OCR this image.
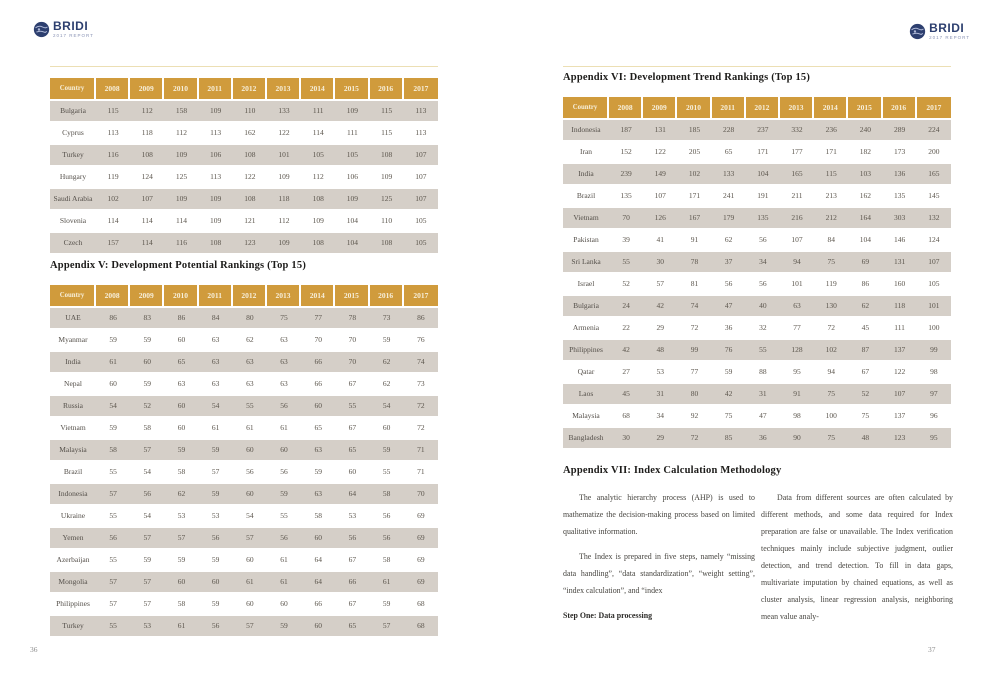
BRIDI
2017 REPORT
Country	2008	2009	2010	2011	2012	2013	2014	2015	2016	2017
Bulgaria	115	112	158	109	110	133	111	109	115	113
Cyprus	113	118	112	113	162	122	114	111	115	113
Turkey	116	108	109	106	108	101	105	105	108	107
Hungary	119	124	125	113	122	109	112	106	109	107
Saudi Arabia	102	107	109	109	108	118	108	109	125	107
Slovenia	114	114	114	109	121	112	109	104	110	105
Czech	157	114	116	108	123	109	108	104	108	105
Appendix V: Development Potential Rankings (Top 15)
Country	2008	2009	2010	2011	2012	2013	2014	2015	2016	2017
UAE	86	83	86	84	80	75	77	78	73	86
Myanmar	59	59	60	63	62	63	70	70	59	76
India	61	60	65	63	63	63	66	70	62	74
Nepal	60	59	63	63	63	63	66	67	62	73
Russia	54	52	60	54	55	56	60	55	54	72
Vietnam	59	58	60	61	61	61	65	67	60	72
Malaysia	58	57	59	59	60	60	63	65	59	71
Brazil	55	54	58	57	56	56	59	60	55	71
Indonesia	57	56	62	59	60	59	63	64	58	70
Ukraine	55	54	53	53	54	55	58	53	56	69
Yemen	56	57	57	56	57	56	60	56	56	69
Azerbaijan	55	59	59	59	60	61	64	67	58	69
Mongolia	57	57	60	60	61	61	64	66	61	69
Philippines	57	57	58	59	60	60	66	67	59	68
Turkey	55	53	61	56	57	59	60	65	57	68
36
BRIDI
2017 REPORT
Appendix VI: Development Trend Rankings (Top 15)
Country	2008	2009	2010	2011	2012	2013	2014	2015	2016	2017
Indonesia	187	131	185	228	237	332	236	240	289	224
Iran	152	122	205	65	171	177	171	182	173	200
India	239	149	102	133	104	165	115	103	136	165
Brazil	135	107	171	241	191	211	213	162	135	145
Vietnam	70	126	167	179	135	216	212	164	303	132
Pakistan	39	41	91	62	56	107	84	104	146	124
Sri Lanka	55	30	78	37	34	94	75	69	131	107
Israel	52	57	81	56	56	101	119	86	160	105
Bulgaria	24	42	74	47	40	63	130	62	118	101
Armenia	22	29	72	36	32	77	72	45	111	100
Philippines	42	48	99	76	55	128	102	87	137	99
Qatar	27	53	77	59	88	95	94	67	122	98
Laos	45	31	80	42	31	91	75	52	107	97
Malaysia	68	34	92	75	47	98	100	75	137	96
Bangladesh	30	29	72	85	36	90	75	48	123	95
Appendix VII: Index Calculation Methodology

The analytic hierarchy process (AHP) is used to mathematize the decision-making process based on limited qualitative information.

The Index is prepared in five steps, namely “missing data handling”, “data standardization”, “weight setting”, “index calculation”, and “index

Step One: Data processing

Data from different sources are often calculated by different methods, and some data required for Index preparation are false or unavailable. The Index verification techniques mainly include subjective judgment, outlier detection, and trend detection. To fill in data gaps, multivariate imputation by chained equations, as well as cluster analysis, linear regression analysis, neighboring mean value analy-

37
